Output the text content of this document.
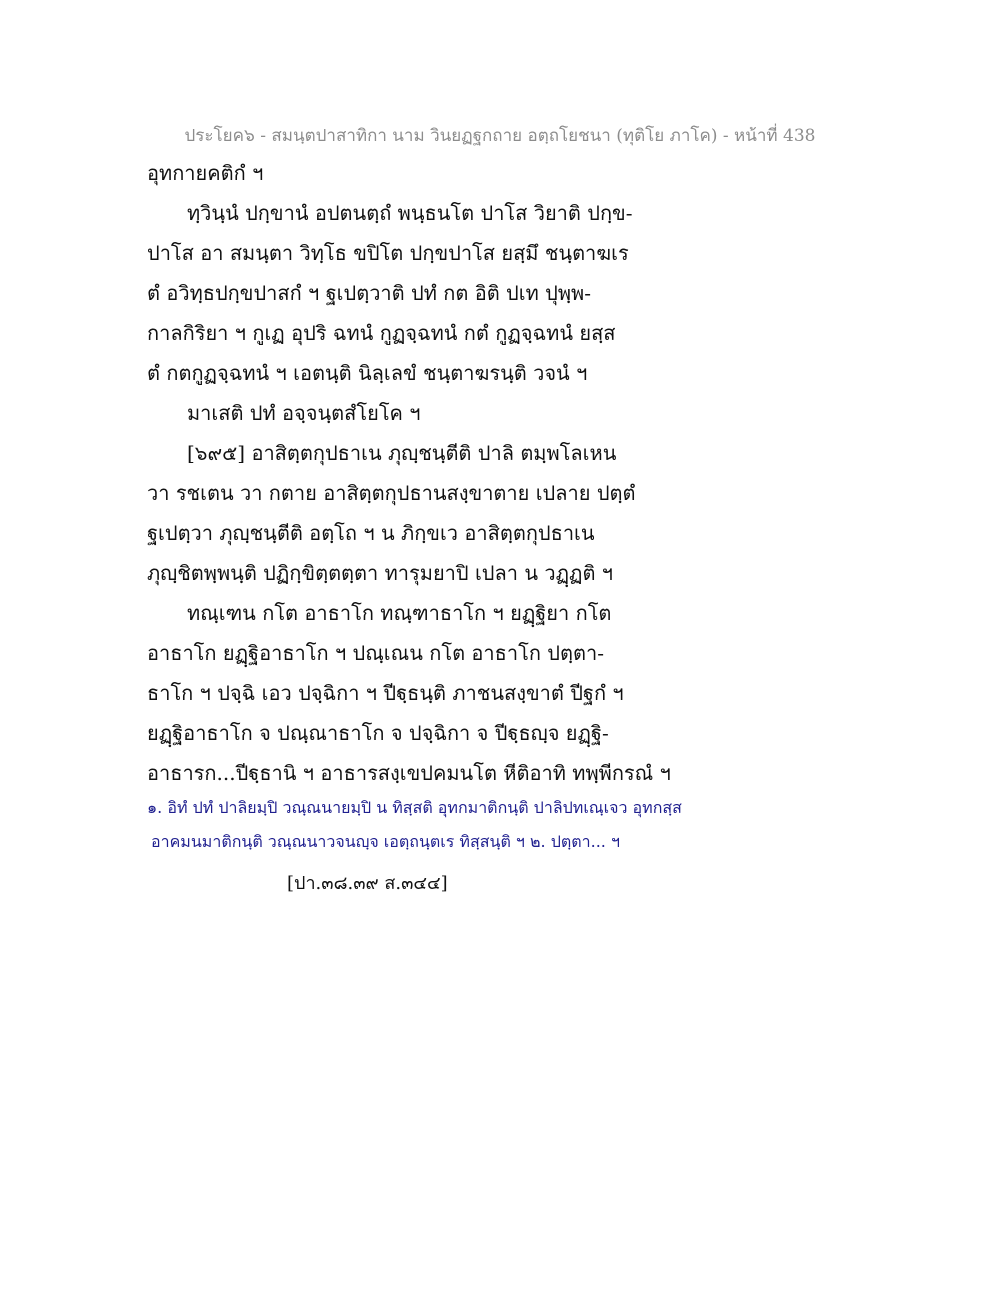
ประโยค๖ - สมนฺตปาสาทิกา นาม วินยฏฐกถาย อตฺถโยชนา (ทุติโย ภาโค) - หน้าที่ 438
อุทกายคติกํ ฯ
ทฺวินฺนํ ปกฺขานํ อปตนตฺถํ พนฺธนโต ปาโส วิยาติ ปกฺข-
ปาโส อา สมนฺตา วิทฺโธ ขปิโต ปกฺขปาโส ยสฺมึ ชนฺตาฆเร
ตํ อวิทฺธปกฺขปาสกํ ฯ ฐเปตฺวาติ ปทํ กต อิติ ปเท ปุพฺพ-
กาลกิริยา ฯ กูเฏ อุปริ ฉทนํ กูฏจฺฉทนํ กตํ กูฏจฺฉทนํ ยสฺส
ตํ กตกูฏจฺฉทนํ ฯ เอตนฺติ นิลฺเลขํ ชนฺตาฆรนฺติ วจนํ ฯ
มาเสติ ปทํ อจฺจนฺตสํโยโค ฯ
[๖๙๕] อาสิตฺตกุปธาเน ภุญฺชนฺตีติ ปาลิ ตมฺพโลเหน
วา รชเตน วา กตาย อาสิตฺตกุปธานสงฺขาตาย เปลาย ปตฺตํ
ฐเปตฺวา ภุญฺชนฺตีติ อตฺโถ ฯ น ภิกฺขเว อาสิตฺตกุปธาเน
ภุญฺชิตพฺพนฺติ ปฏิกฺขิตฺตตฺตา ทารุมยาปิ เปลา น วฏฺฏติ ฯ
ทณฺเฑน กโต อาธาโก ทณฺฑาธาโก ฯ ยฏฺฐิยา กโต
อาธาโก ยฏฺฐิอาธาโก ฯ ปณฺเณน กโต อาธาโก ปตฺตา-
ธาโก ฯ ปจฺฉิ เอว ปจฺฉิกา ฯ ปีฐฺธนฺติ ภาชนสงฺขาตํ ปีฐกํ ฯ
ยฏฺฐิอาธาโก จ ปณฺณาธาโก จ ปจฺฉิกา จ ปีฐฺธญฺจ ยฏฺฐิ-
อาธารก...ปีฐฺธานิ ฯ อาธารสงฺเขปคมนโต หีติอาทิ ทพฺพีกรณํ ฯ
๑. อิทํ ปทํ ปาลิยมฺปิ วณฺณนายมฺปิ น ทิสฺสติ อุทกมาติกนฺติ ปาลิปทเณฺเจว อุทกสฺส
อาคมนมาติกนฺติ วณฺณนาวจนญฺจ เอตฺถนฺตเร ทิสฺสนฺติ ฯ ๒. ปตฺตา... ฯ
[ปา.๓๘.๓๙ ส.๓๔๔]
